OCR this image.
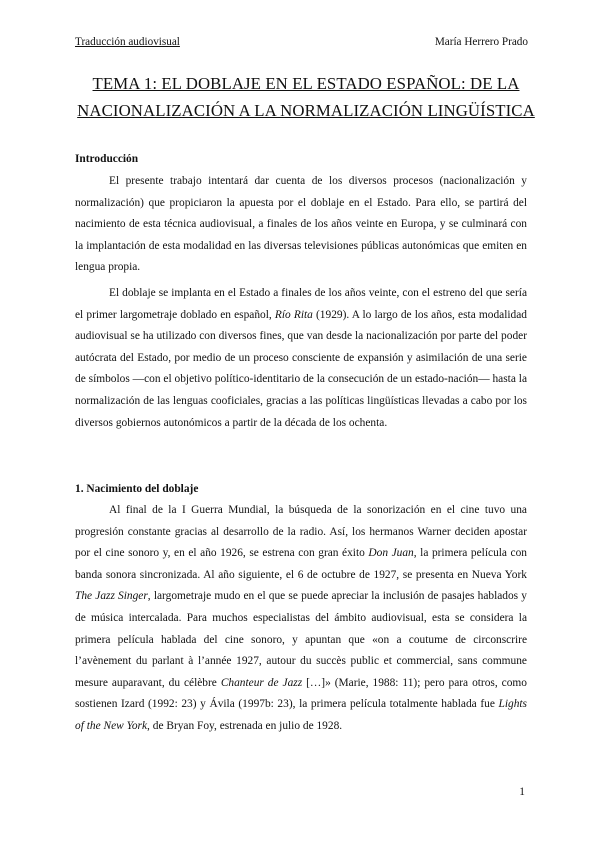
Traducción audiovisual	María Herrero Prado
TEMA 1: EL DOBLAJE EN EL ESTADO ESPAÑOL: DE LA
NACIONALIZACIÓN A LA NORMALIZACIÓN LINGÜÍSTICA
Introducción

El presente trabajo intentará dar cuenta de los diversos procesos (nacionalización y normalización) que propiciaron la apuesta por el doblaje en el Estado. Para ello, se partirá del nacimiento de esta técnica audiovisual, a finales de los años veinte en Europa, y se culminará con la implantación de esta modalidad en las diversas televisiones públicas autonómicas que emiten en lengua propia.

El doblaje se implanta en el Estado a finales de los años veinte, con el estreno del que sería el primer largometraje doblado en español, Río Rita (1929). A lo largo de los años, esta modalidad audiovisual se ha utilizado con diversos fines, que van desde la nacionalización por parte del poder autócrata del Estado, por medio de un proceso consciente de expansión y asimilación de una serie de símbolos —con el objetivo político-identitario de la consecución de un estado-nación— hasta la normalización de las lenguas cooficiales, gracias a las políticas lingüísticas llevadas a cabo por los diversos gobiernos autonómicos a partir de la década de los ochenta.

1. Nacimiento del doblaje

Al final de la I Guerra Mundial, la búsqueda de la sonorización en el cine tuvo una progresión constante gracias al desarrollo de la radio. Así, los hermanos Warner deciden apostar por el cine sonoro y, en el año 1926, se estrena con gran éxito Don Juan, la primera película con banda sonora sincronizada. Al año siguiente, el 6 de octubre de 1927, se presenta en Nueva York The Jazz Singer, largometraje mudo en el que se puede apreciar la inclusión de pasajes hablados y de música intercalada. Para muchos especialistas del ámbito audiovisual, esta se considera la primera película hablada del cine sonoro, y apuntan que «on a coutume de circonscrire l’avènement du parlant à l’année 1927, autour du succès public et commercial, sans commune mesure auparavant, du célèbre Chanteur de Jazz […]» (Marie, 1988: 11); pero para otros, como sostienen Izard (1992: 23) y Ávila (1997b: 23), la primera película totalmente hablada fue Lights of the New York, de Bryan Foy, estrenada en julio de 1928.

1
